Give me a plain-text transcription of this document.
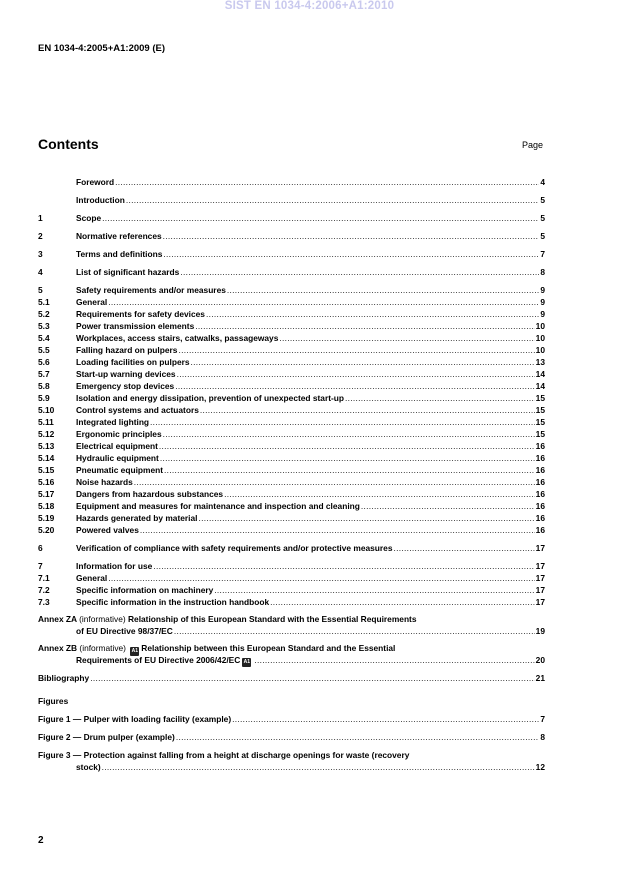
SIST EN 1034-4:2006+A1:2010
EN 1034-4:2005+A1:2009 (E)
Contents	Page
Foreword .....	4
Introduction .....	5
1	Scope .....	5
2	Normative references .....	5
3	Terms and definitions .....	7
4	List of significant hazards .....	8
5	Safety requirements and/or measures .....	9
5.1	General .....	9
5.2	Requirements for safety devices .....	9
5.3	Power transmission elements .....	10
5.4	Workplaces, access stairs, catwalks, passageways .....	10
5.5	Falling hazard on pulpers .....	10
5.6	Loading facilities on pulpers .....	13
5.7	Start-up warning devices .....	14
5.8	Emergency stop devices .....	14
5.9	Isolation and energy dissipation, prevention of unexpected start-up .....	15
5.10	Control systems and actuators .....	15
5.11	Integrated lighting .....	15
5.12	Ergonomic principles .....	15
5.13	Electrical equipment .....	16
5.14	Hydraulic equipment .....	16
5.15	Pneumatic equipment .....	16
5.16	Noise hazards .....	16
5.17	Dangers from hazardous substances .....	16
5.18	Equipment and measures for maintenance and inspection and cleaning .....	16
5.19	Hazards generated by material .....	16
5.20	Powered valves .....	16
6	Verification of compliance with safety requirements and/or protective measures .....	17
7	Information for use .....	17
7.1	General .....	17
7.2	Specific information on machinery .....	17
7.3	Specific information in the instruction handbook .....	17
Annex ZA (informative) Relationship of this European Standard with the Essential Requirements
of EU Directive 98/37/EC .....	19
Annex ZB (informative) A1 Relationship between this European Standard and the Essential
Requirements of EU Directive 2006/42/EC A1 .....	20
Bibliography .....	21
Figures
Figure 1 — Pulper with loading facility (example) .....	7
Figure 2 — Drum pulper (example) .....	8
Figure 3 — Protection against falling from a height at discharge openings for waste (recovery
stock) .....	12
2
